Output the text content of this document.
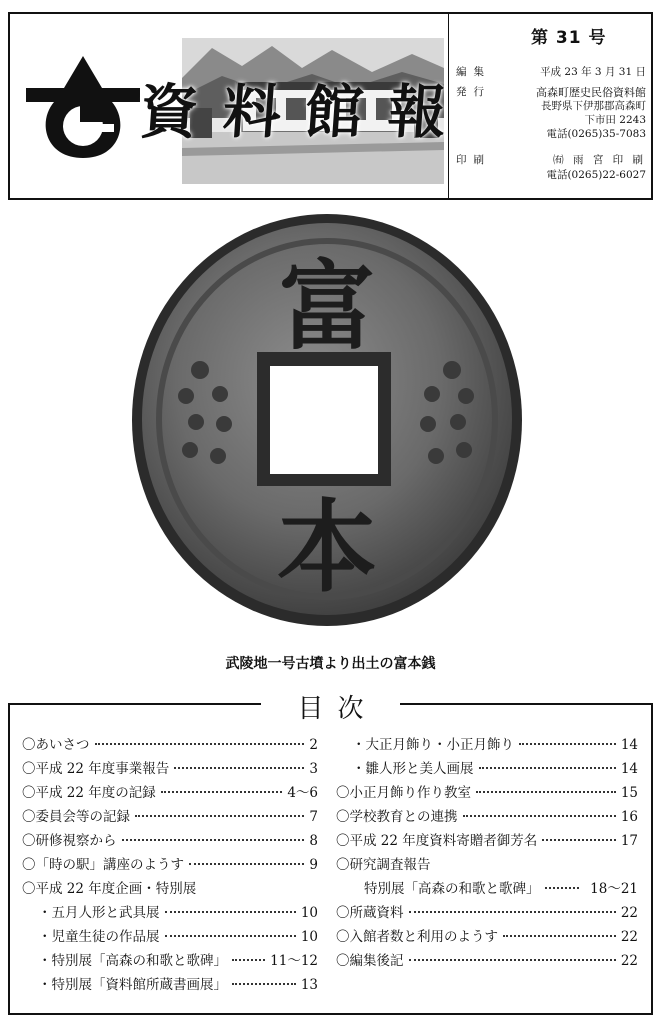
資 料 館 報
第 31 号
編集	平成 23 年 3 月 31 日
発行	高森町歴史民俗資料館
長野県下伊那郡高森町
下市田 2243
電話(0265)35-7083
印刷	㈲ 雨 宮 印 刷
電話(0265)22-6027
富
本
武陵地一号古墳より出土の富本銭
目次
〇あいさつ	2
〇平成 22 年度事業報告	3
〇平成 22 年度の記録	4〜6
〇委員会等の記録	7
〇研修視察から	8
〇「時の駅」講座のようす	9
〇平成 22 年度企画・特別展
・五月人形と武具展	10
・児童生徒の作品展	10
・特別展「高森の和歌と歌碑」	11〜12
・特別展「資料館所蔵書画展」	13
・大正月飾り・小正月飾り	14
・雛人形と美人画展	14
〇小正月飾り作り教室	15
〇学校教育との連携	16
〇平成 22 年度資料寄贈者御芳名	17
〇研究調査報告
特別展「高森の和歌と歌碑」	18〜21
〇所蔵資料	22
〇入館者数と利用のようす	22
〇編集後記	22
